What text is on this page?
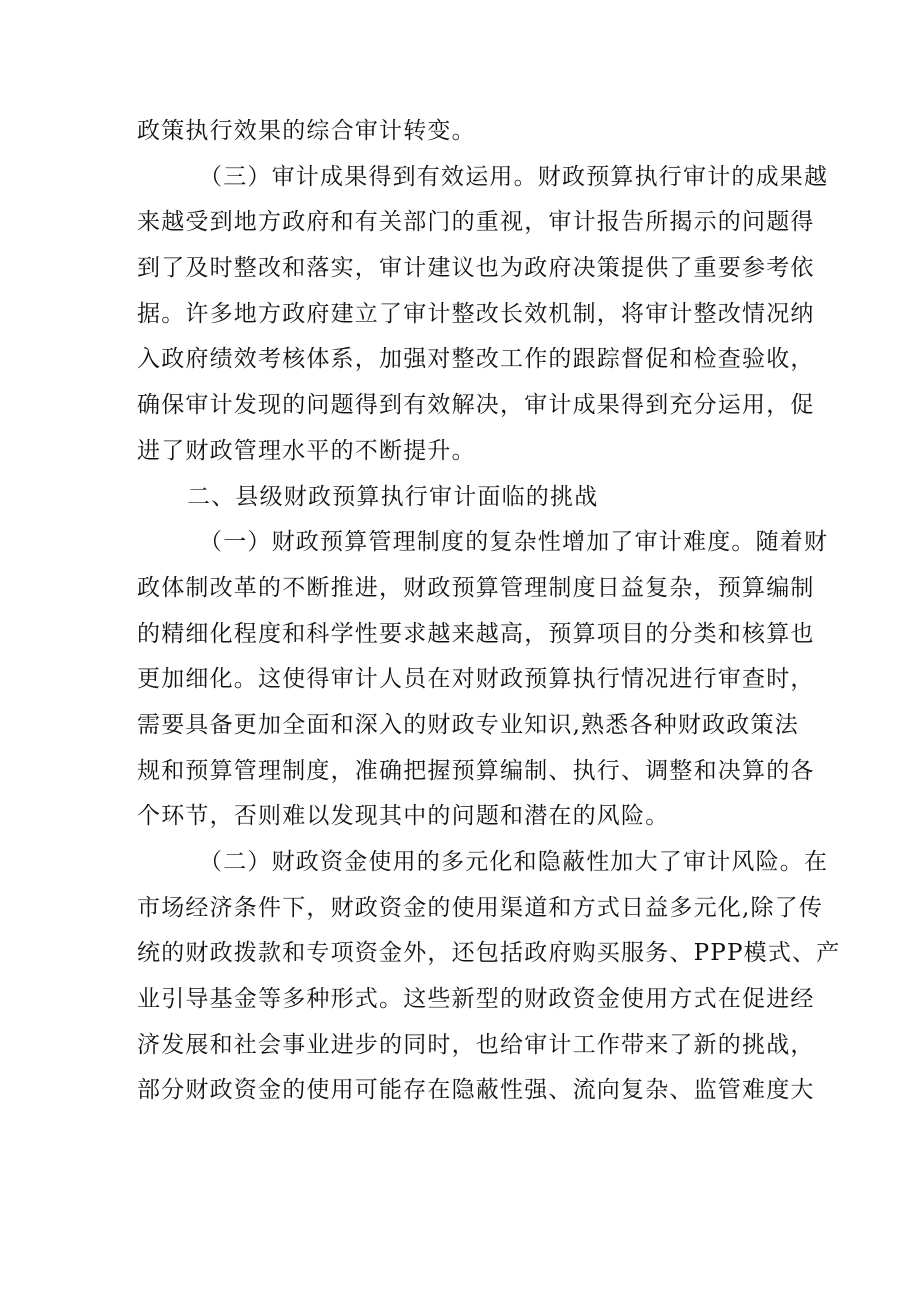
政策执行效果的综合审计转变。
（三）审计成果得到有效运用。财政预算执行审计的成果越
来越受到地方政府和有关部门的重视，审计报告所揭示的问题得
到了及时整改和落实，审计建议也为政府决策提供了重要参考依
据。许多地方政府建立了审计整改长效机制，将审计整改情况纳
入政府绩效考核体系，加强对整改工作的跟踪督促和检查验收，
确保审计发现的问题得到有效解决，审计成果得到充分运用，促
进了财政管理水平的不断提升。
二、县级财政预算执行审计面临的挑战
（一）财政预算管理制度的复杂性增加了审计难度。随着财
政体制改革的不断推进，财政预算管理制度日益复杂，预算编制
的精细化程度和科学性要求越来越高，预算项目的分类和核算也
更加细化。这使得审计人员在对财政预算执行情况进行审查时，
需要具备更加全面和深入的财政专业知识,熟悉各种财政政策法
规和预算管理制度，准确把握预算编制、执行、调整和决算的各
个环节，否则难以发现其中的问题和潜在的风险。
（二）财政资金使用的多元化和隐蔽性加大了审计风险。在
市场经济条件下，财政资金的使用渠道和方式日益多元化,除了传
统的财政拨款和专项资金外，还包括政府购买服务、PPP模式、产
业引导基金等多种形式。这些新型的财政资金使用方式在促进经
济发展和社会事业进步的同时，也给审计工作带来了新的挑战，
部分财政资金的使用可能存在隐蔽性强、流向复杂、监管难度大
